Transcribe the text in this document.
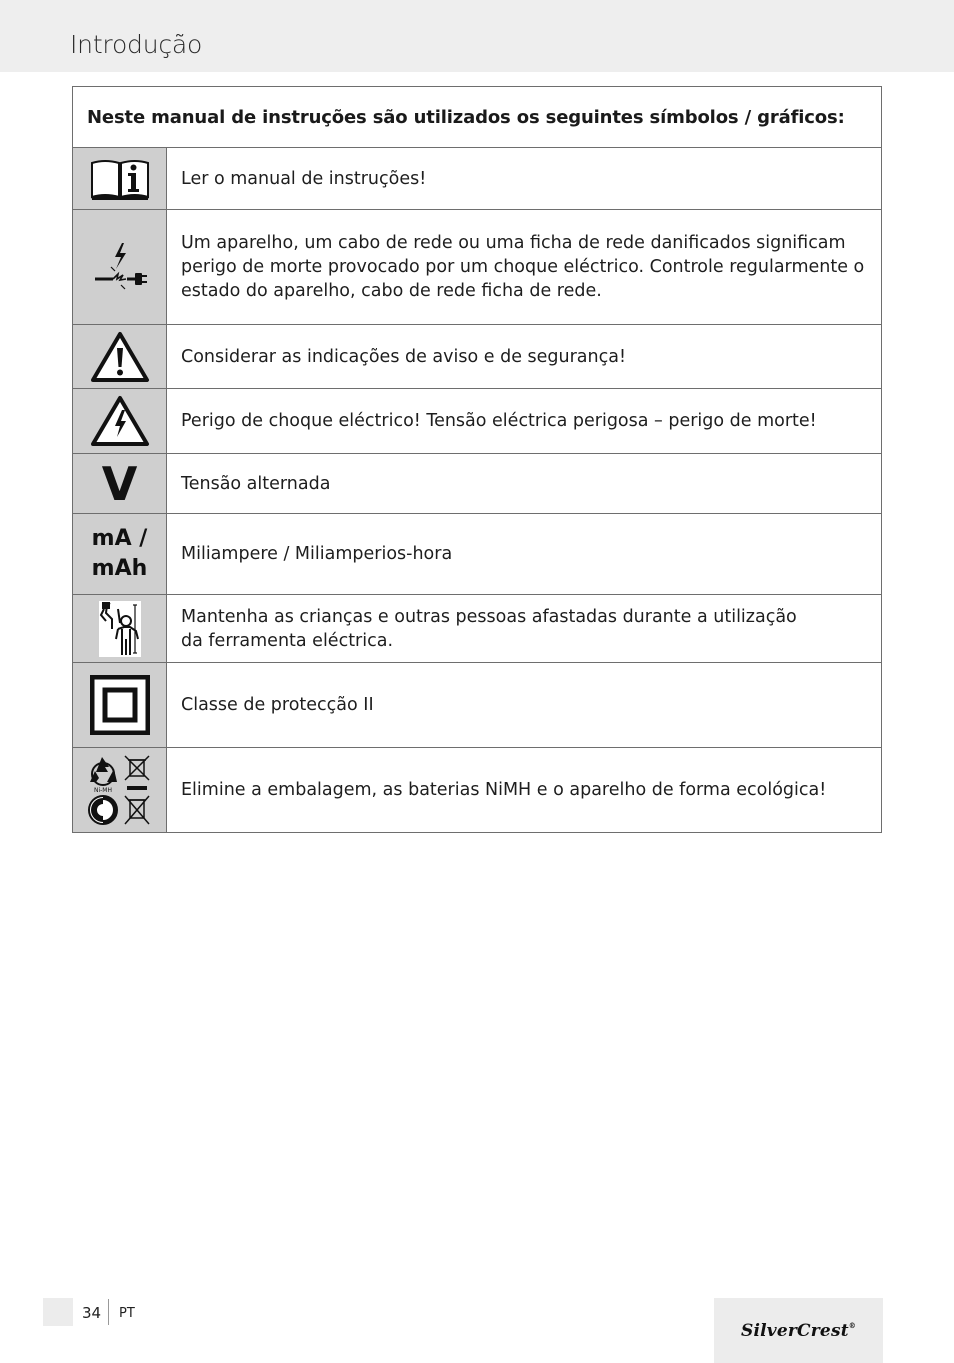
Introdução
Neste manual de instruções são utilizados os seguintes símbolos / gráficos:
Ler o manual de instruções!
Um aparelho, um cabo de rede ou uma ficha de rede danificados significam
perigo de morte provocado por um choque eléctrico. Controle regularmente o
estado do aparelho, cabo de rede ficha de rede.
Considerar as indicações de aviso e de segurança!
Perigo de choque eléctrico! Tensão eléctrica perigosa – perigo de morte!
V Tensão alternada
mA /
mAh
Miliampere / Miliamperios-hora
Mantenha as crianças e outras pessoas afastadas durante a utilização
da ferramenta eléctrica.
Classe de protecção II
Ni-MH	Elimine a embalagem, as baterias NiMH e o aparelho de forma ecológica!
34 PT
SilverCrest®
